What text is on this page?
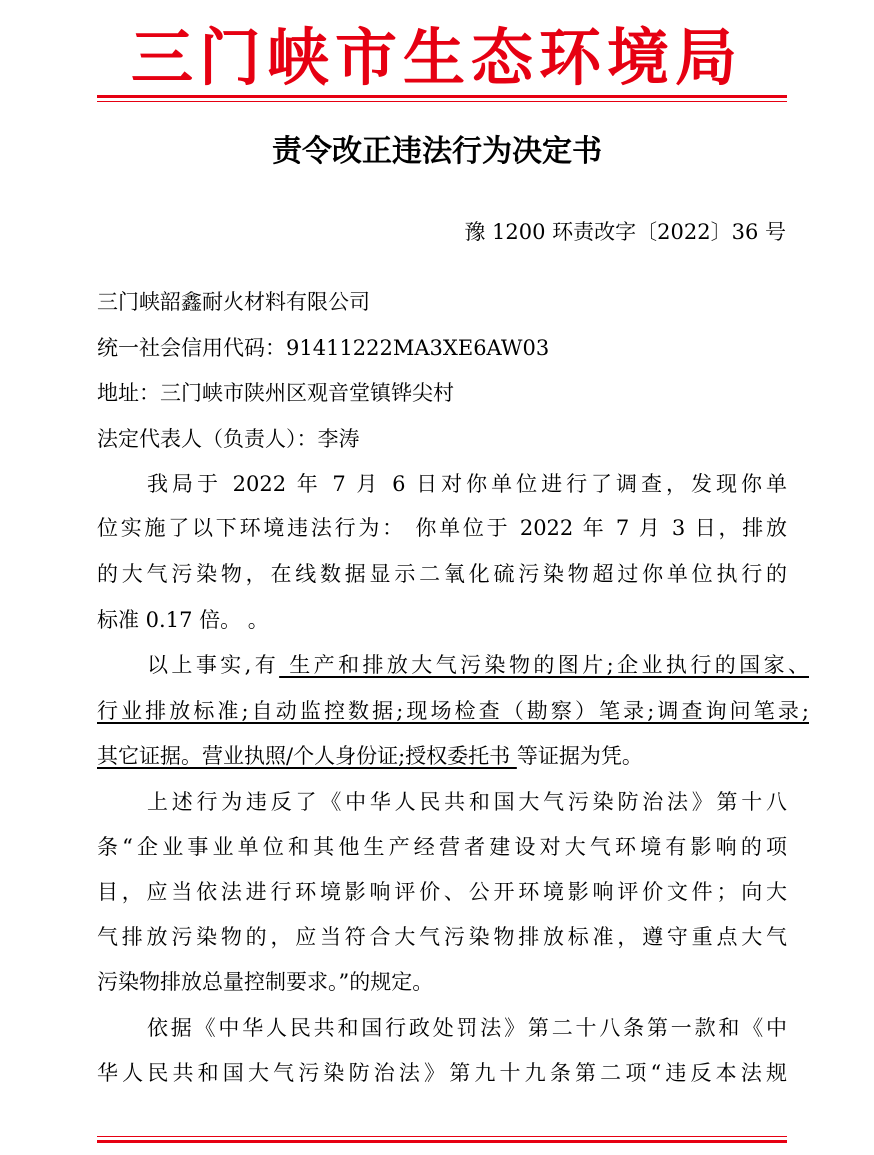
三门峡市生态环境局
责令改正违法行为决定书
豫 1200 环责改字〔2022〕36 号
三门峡韶鑫耐火材料有限公司
统一社会信用代码：91411222MA3XE6AW03
地址：三门峡市陕州区观音堂镇铧尖村
法定代表人（负责人）：李涛
我局于 2022 年 7 月 6 日对你单位进行了调查，发现你单
位实施了以下环境违法行为： 你单位于 2022 年 7 月 3 日，排放
的大气污染物，在线数据显示二氧化硫污染物超过你单位执行的
标准 0.17 倍。 。
以上事实,有 生产和排放大气污染物的图片;企业执行的国家、
行业排放标准;自动监控数据;现场检查（勘察）笔录;调查询问笔录;
其它证据。营业执照/个人身份证;授权委托书 等证据为凭。
上述行为违反了《中华人民共和国大气污染防治法》第十八
条“企业事业单位和其他生产经营者建设对大气环境有影响的项
目，应当依法进行环境影响评价、公开环境影响评价文件；向大
气排放污染物的，应当符合大气污染物排放标准，遵守重点大气
污染物排放总量控制要求。”的规定。
依据《中华人民共和国行政处罚法》第二十八条第一款和《中
华人民共和国大气污染防治法》第九十九条第二项“违反本法规
